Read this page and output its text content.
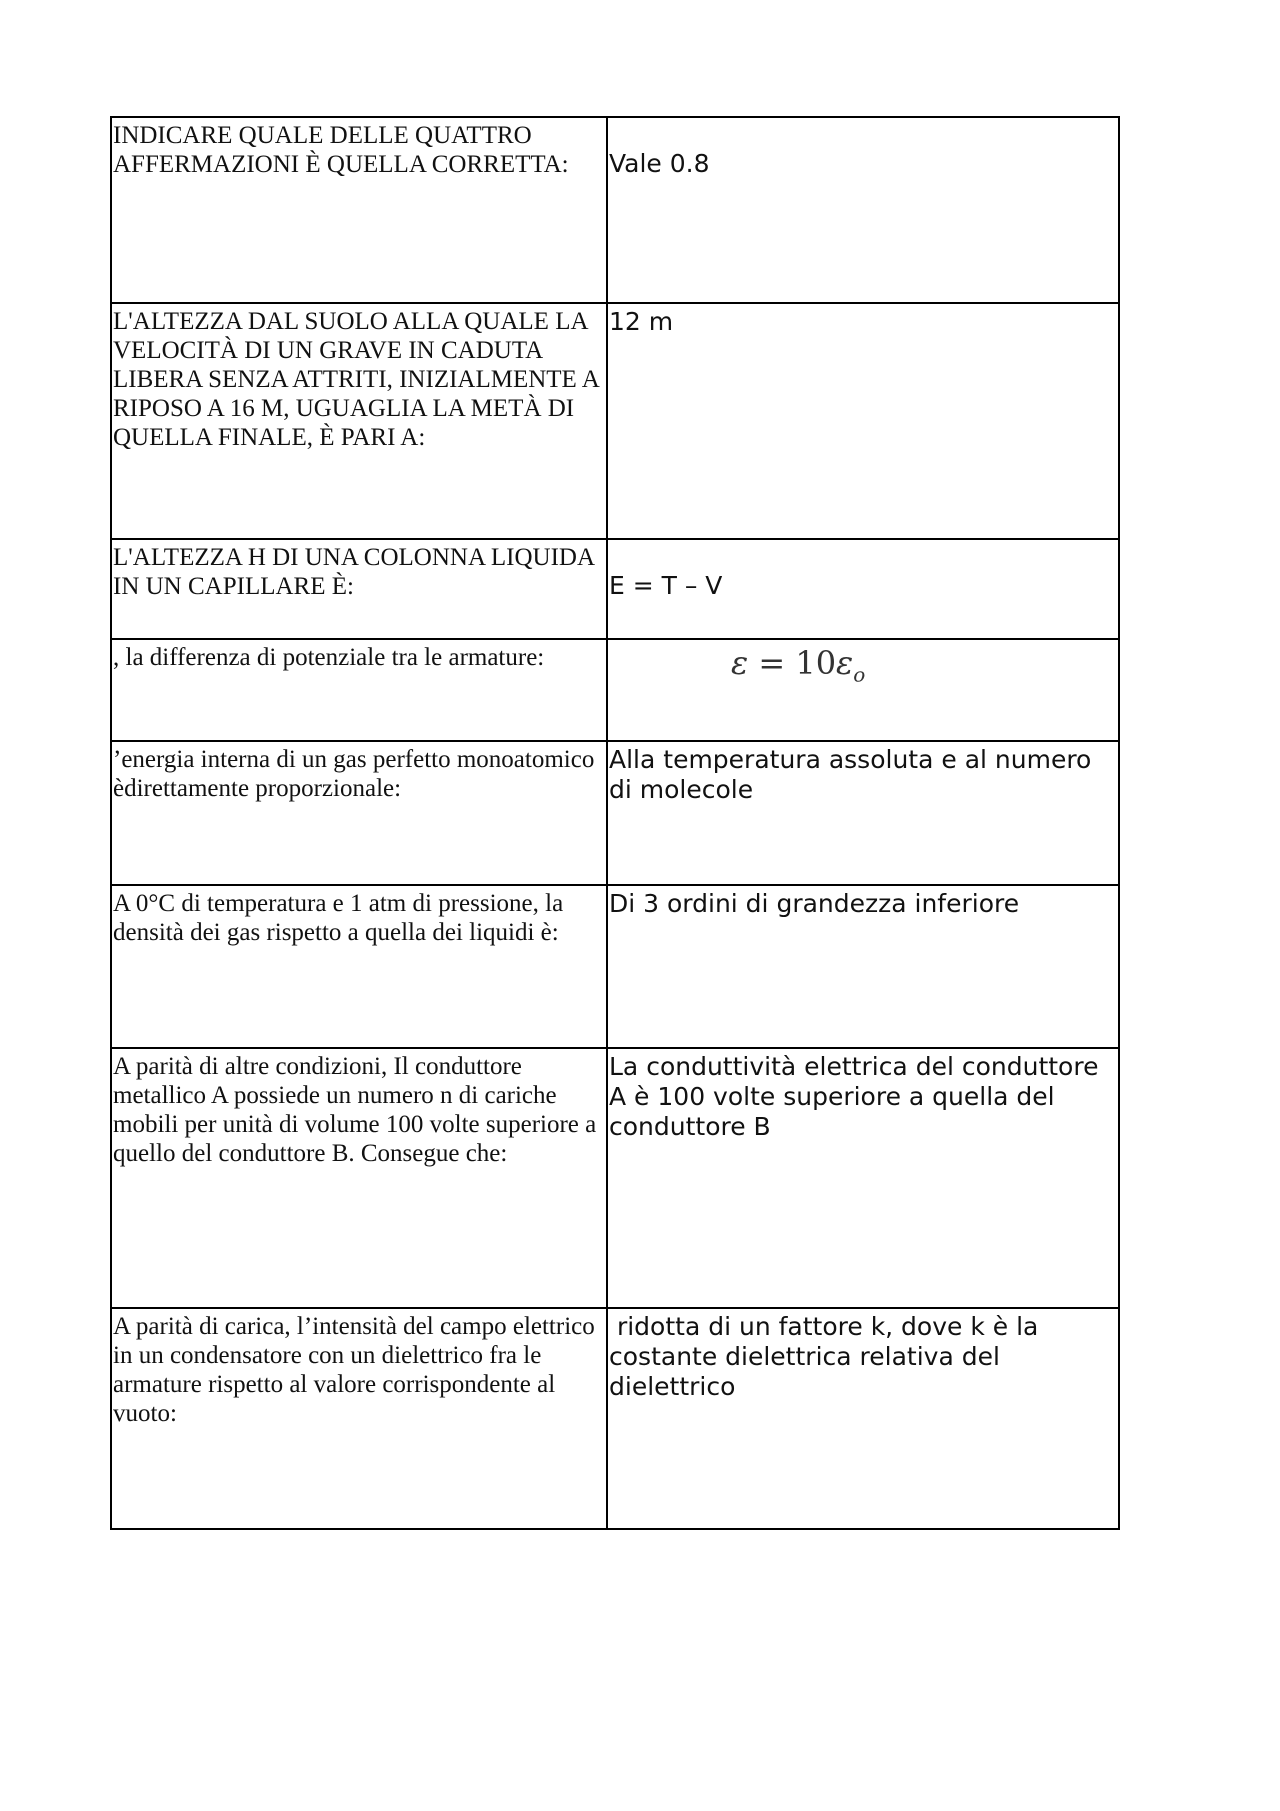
INDICARE QUALE DELLE QUATTRO AFFERMAZIONI È QUELLA CORRETTA:	Vale 0.8

L'ALTEZZA DAL SUOLO ALLA QUALE LA VELOCITÀ DI UN GRAVE IN CADUTA LIBERA SENZA ATTRITI, INIZIALMENTE A RIPOSO A 16 M, UGUAGLIA LA METÀ DI QUELLA FINALE, È PARI A:	12 m
L'ALTEZZA H DI UNA COLONNA LIQUIDA IN UN CAPILLARE È:	E = T – V

, la differenza di potenziale tra le armature:	$\varepsilon = 10\varepsilon_o$

’energia interna di un gas perfetto monoatomico èdirettamente proporzionale:	Alla temperatura assoluta e al numero di molecole
A 0°C di temperatura e 1 atm di pressione, la densità dei gas rispetto a quella dei liquidi è:	Di 3 ordini di grandezza inferiore
A parità di altre condizioni, Il conduttore metallico A possiede un numero n di cariche mobili per unità di volume 100 volte superiore a quello del conduttore B. Consegue che:	La conduttività elettrica del conduttore A è 100 volte superiore a quella del conduttore B
A parità di carica, l’intensità del campo elettrico in un condensatore con un dielettrico fra le armature rispetto al valore corrispondente al vuoto:	ridotta di un fattore k, dove k è la costante dielettrica relativa del dielettrico
